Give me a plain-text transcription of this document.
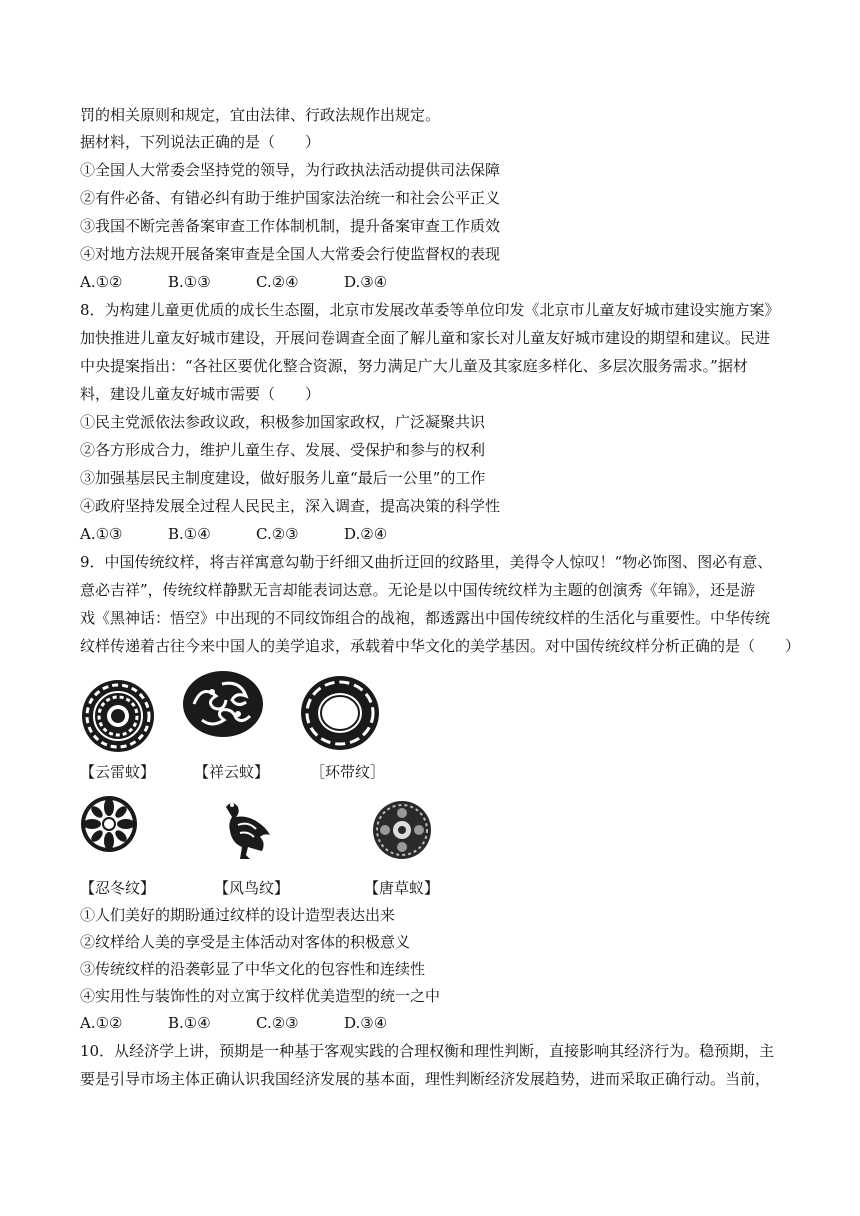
罚的相关原则和规定，宜由法律、行政法规作出规定。
据材料，下列说法正确的是（　　）
①全国人大常委会坚持党的领导，为行政执法活动提供司法保障
②有件必备、有错必纠有助于维护国家法治统一和社会公平正义
③我国不断完善备案审查工作体制机制，提升备案审查工作质效
④对地方法规开展备案审查是全国人大常委会行使监督权的表现
A.①②	B.①③	C.②④	D.③④
8．为构建儿童更优质的成长生态圈，北京市发展改革委等单位印发《北京市儿童友好城市建设实施方案》
加快推进儿童友好城市建设，开展问卷调查全面了解儿童和家长对儿童友好城市建设的期望和建议。民进
中央提案指出：“各社区要优化整合资源，努力满足广大儿童及其家庭多样化、多层次服务需求。”据材
料，建设儿童友好城市需要（　　）
①民主党派依法参政议政，积极参加国家政权，广泛凝聚共识
②各方形成合力，维护儿童生存、发展、受保护和参与的权利
③加强基层民主制度建设，做好服务儿童“最后一公里”的工作
④政府坚持发展全过程人民民主，深入调查，提高决策的科学性
A.①③	B.①④	C.②③	D.②④
9．中国传统纹样，将吉祥寓意勾勒于纤细又曲折迂回的纹路里，美得令人惊叹！“物必饰图、图必有意、
意必吉祥”，传统纹样静默无言却能表词达意。无论是以中国传统纹样为主题的创演秀《年锦》，还是游
戏《黑神话：悟空》中出现的不同纹饰组合的战袍，都透露出中国传统纹样的生活化与重要性。中华传统
纹样传递着古往今来中国人的美学追求，承载着中华文化的美学基因。对中国传统纹样分析正确的是（　　）
【云雷蚊】	【祥云蚊】	［环带纹］
【忍冬纹】	【风鸟纹】	【唐草蚁】
①人们美好的期盼通过纹样的设计造型表达出来
②纹样给人美的享受是主体活动对客体的积极意义
③传统纹样的沿袭彰显了中华文化的包容性和连续性
④实用性与装饰性的对立寓于纹样优美造型的统一之中
A.①②	B.①④	C.②③	D.③④
10．从经济学上讲，预期是一种基于客观实践的合理权衡和理性判断，直接影响其经济行为。稳预期，主
要是引导市场主体正确认识我国经济发展的基本面，理性判断经济发展趋势，进而采取正确行动。当前，
